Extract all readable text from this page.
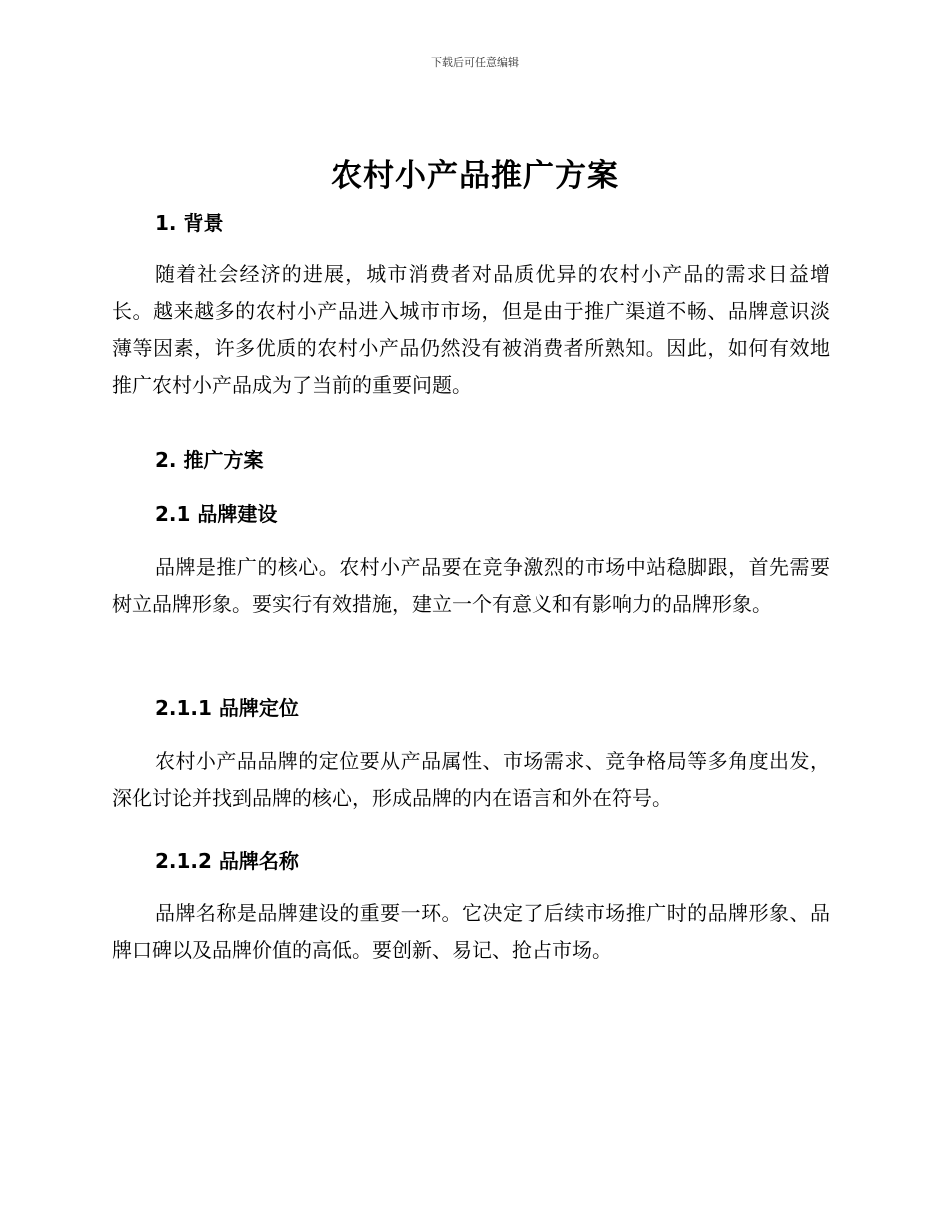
下载后可任意编辑
农村小产品推广方案
1. 背景
随着社会经济的进展，城市消费者对品质优异的农村小产品的需求日益增长。越来越多的农村小产品进入城市市场，但是由于推广渠道不畅、品牌意识淡薄等因素，许多优质的农村小产品仍然没有被消费者所熟知。因此，如何有效地推广农村小产品成为了当前的重要问题。
2. 推广方案
2.1 品牌建设
品牌是推广的核心。农村小产品要在竞争激烈的市场中站稳脚跟，首先需要树立品牌形象。要实行有效措施，建立一个有意义和有影响力的品牌形象。
2.1.1 品牌定位
农村小产品品牌的定位要从产品属性、市场需求、竞争格局等多角度出发，深化讨论并找到品牌的核心，形成品牌的内在语言和外在符号。
2.1.2 品牌名称
品牌名称是品牌建设的重要一环。它决定了后续市场推广时的品牌形象、品牌口碑以及品牌价值的高低。要创新、易记、抢占市场。
